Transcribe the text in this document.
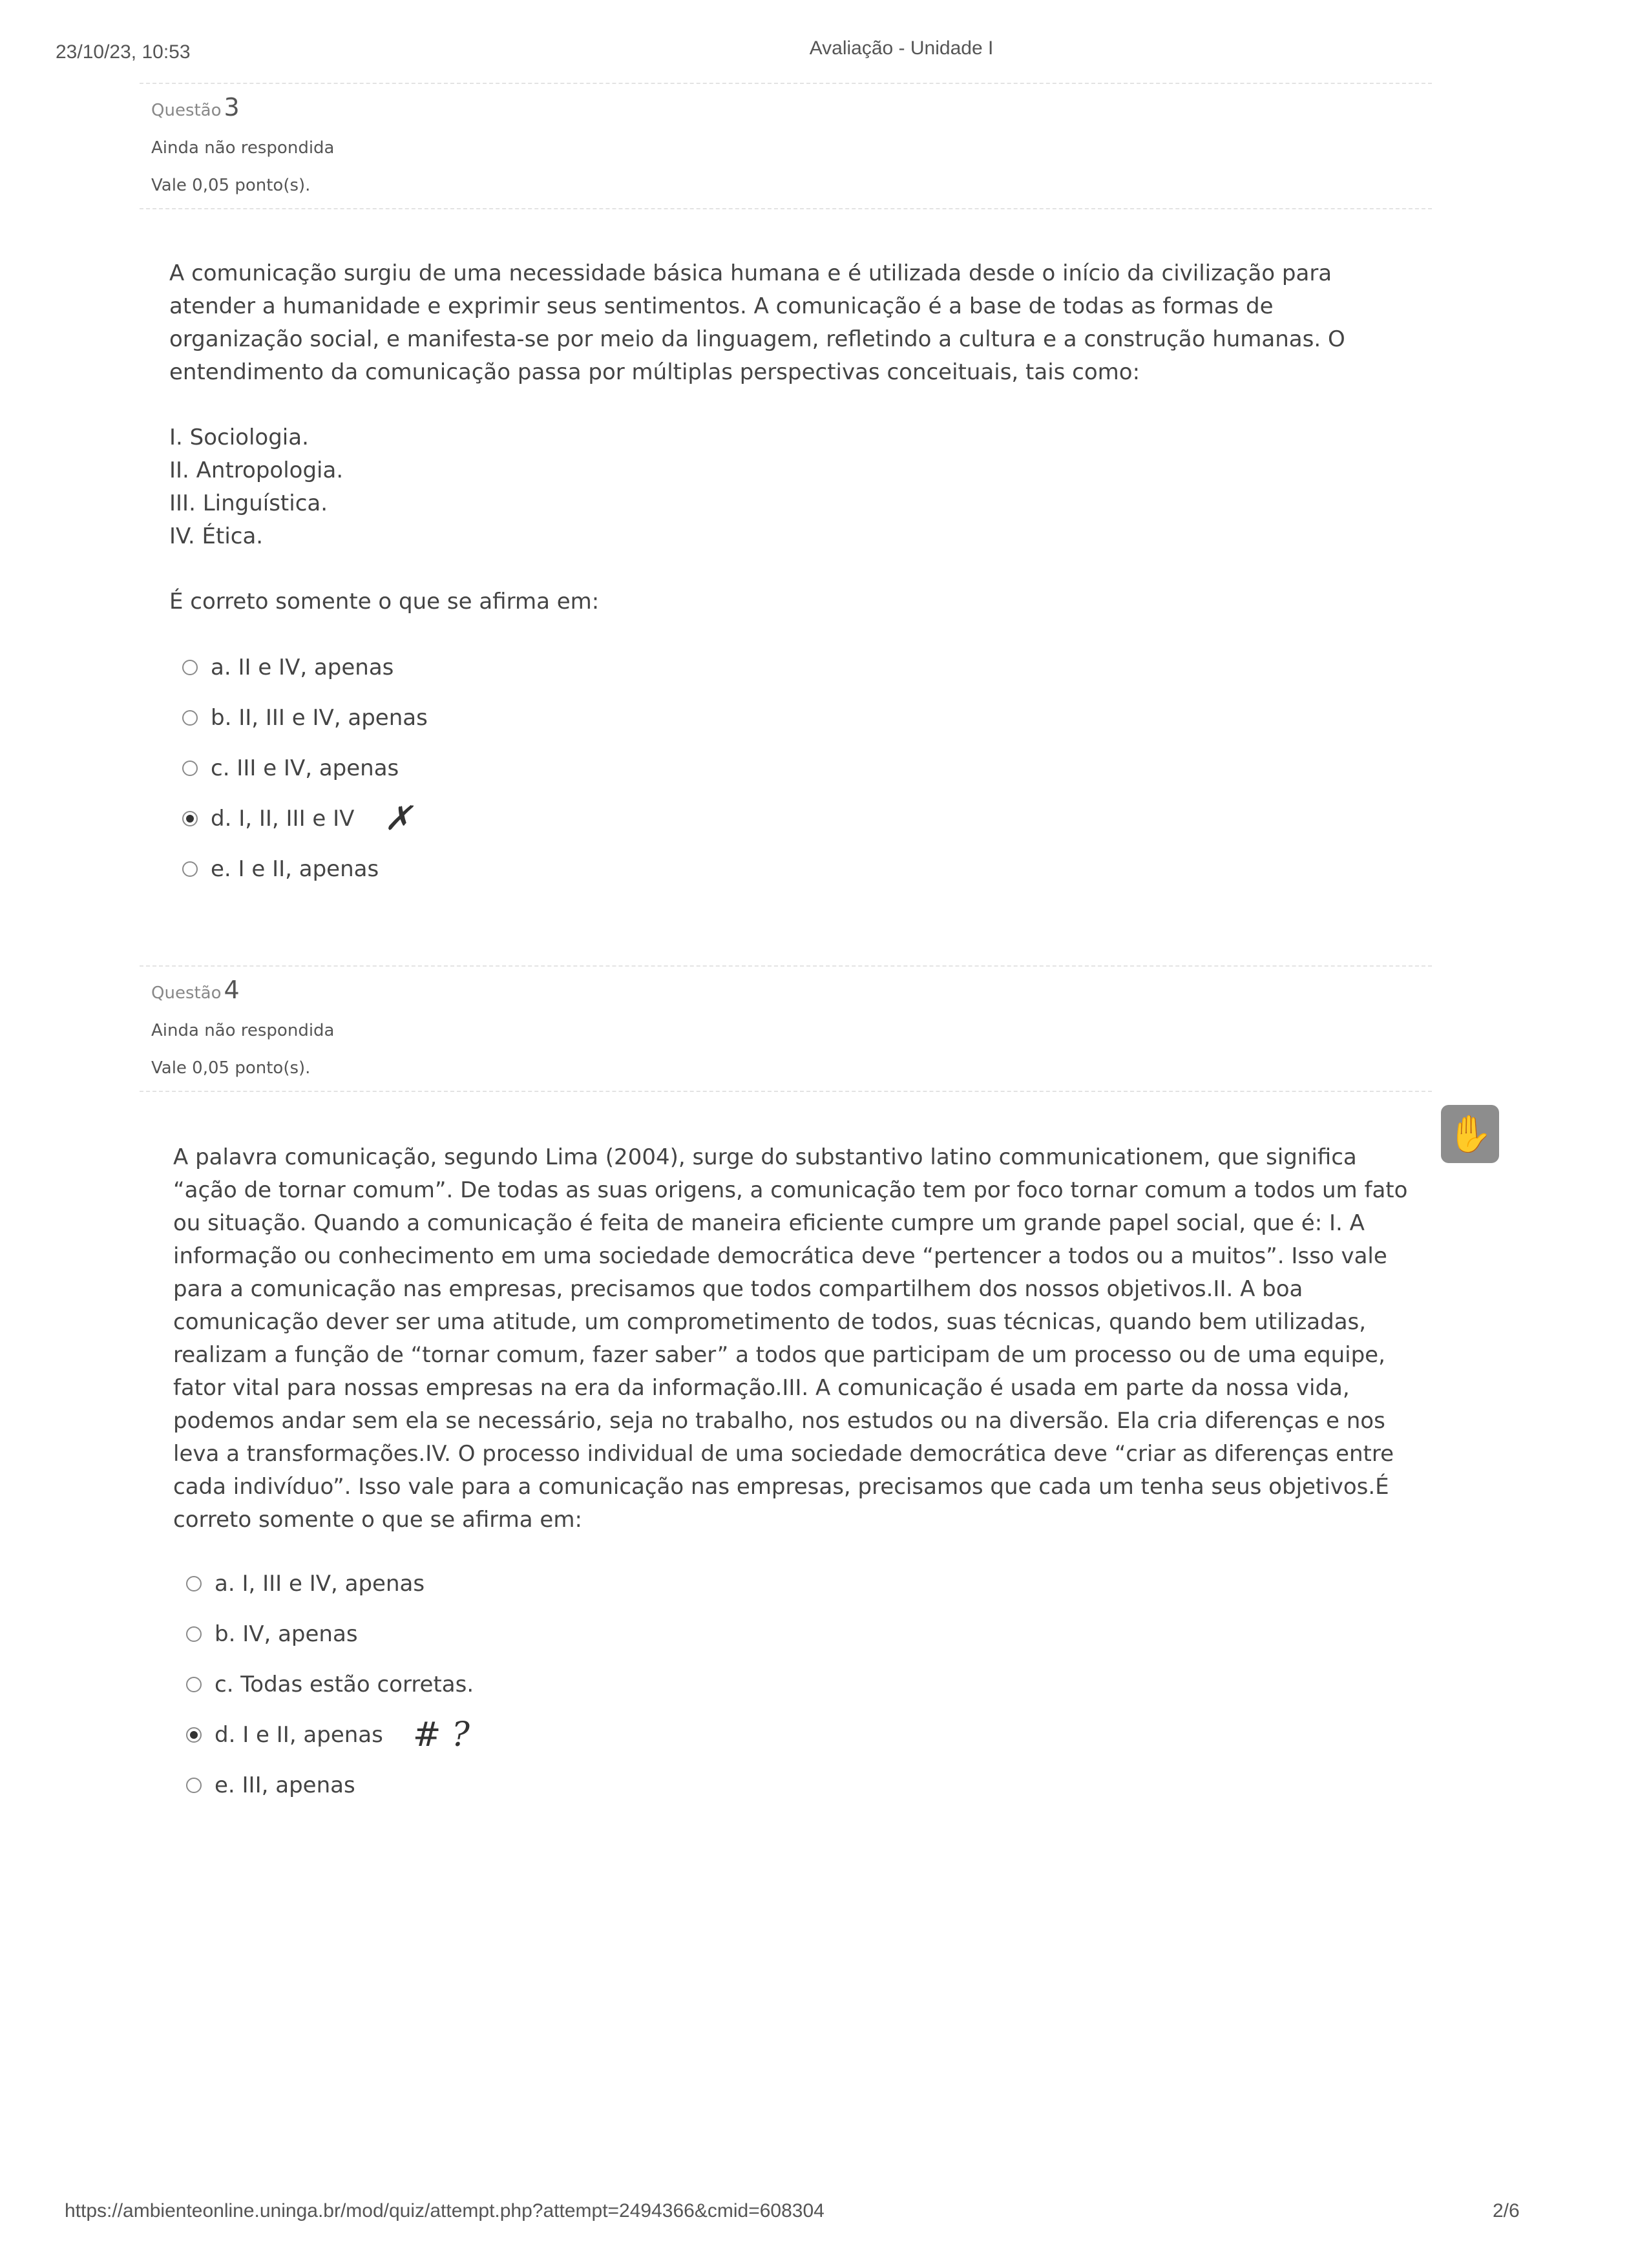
23/10/23, 10:53	Avaliação - Unidade I
Questão 3
Ainda não respondida
Vale 0,05 ponto(s).

A comunicação surgiu de uma necessidade básica humana e é utilizada desde o início da civilização para atender a humanidade e exprimir seus sentimentos. A comunicação é a base de todas as formas de organização social, e manifesta-se por meio da linguagem, refletindo a cultura e a construção humanas. O entendimento da comunicação passa por múltiplas perspectivas conceituais, tais como:

I. Sociologia.
II. Antropologia.
III. Linguística.
IV. Ética.

É correto somente o que se afirma em:

a. II e IV, apenas
b. II, III e IV, apenas
c. III e IV, apenas
d. I, II, III e IV ✗
e. I e II, apenas
Questão 4
Ainda não respondida
Vale 0,05 ponto(s).
✋

A palavra comunicação, segundo Lima (2004), surge do substantivo latino communicationem, que significa “ação de tornar comum”. De todas as suas origens, a comunicação tem por foco tornar comum a todos um fato ou situação. Quando a comunicação é feita de maneira eficiente cumpre um grande papel social, que é: I. A informação ou conhecimento em uma sociedade democrática deve “pertencer a todos ou a muitos”. Isso vale para a comunicação nas empresas, precisamos que todos compartilhem dos nossos objetivos.II. A boa comunicação dever ser uma atitude, um comprometimento de todos, suas técnicas, quando bem utilizadas, realizam a função de “tornar comum, fazer saber” a todos que participam de um processo ou de uma equipe, fator vital para nossas empresas na era da informação.III. A comunicação é usada em parte da nossa vida, podemos andar sem ela se necessário, seja no trabalho, nos estudos ou na diversão. Ela cria diferenças e nos leva a transformações.IV. O processo individual de uma sociedade democrática deve “criar as diferenças entre cada indivíduo”. Isso vale para a comunicação nas empresas, precisamos que cada um tenha seus objetivos.É correto somente o que se afirma em:

a. I, III e IV, apenas
b. IV, apenas
c. Todas estão corretas.
d. I e II, apenas # ?
e. III, apenas
https://ambienteonline.uninga.br/mod/quiz/attempt.php?attempt=2494366&cmid=608304	2/6
